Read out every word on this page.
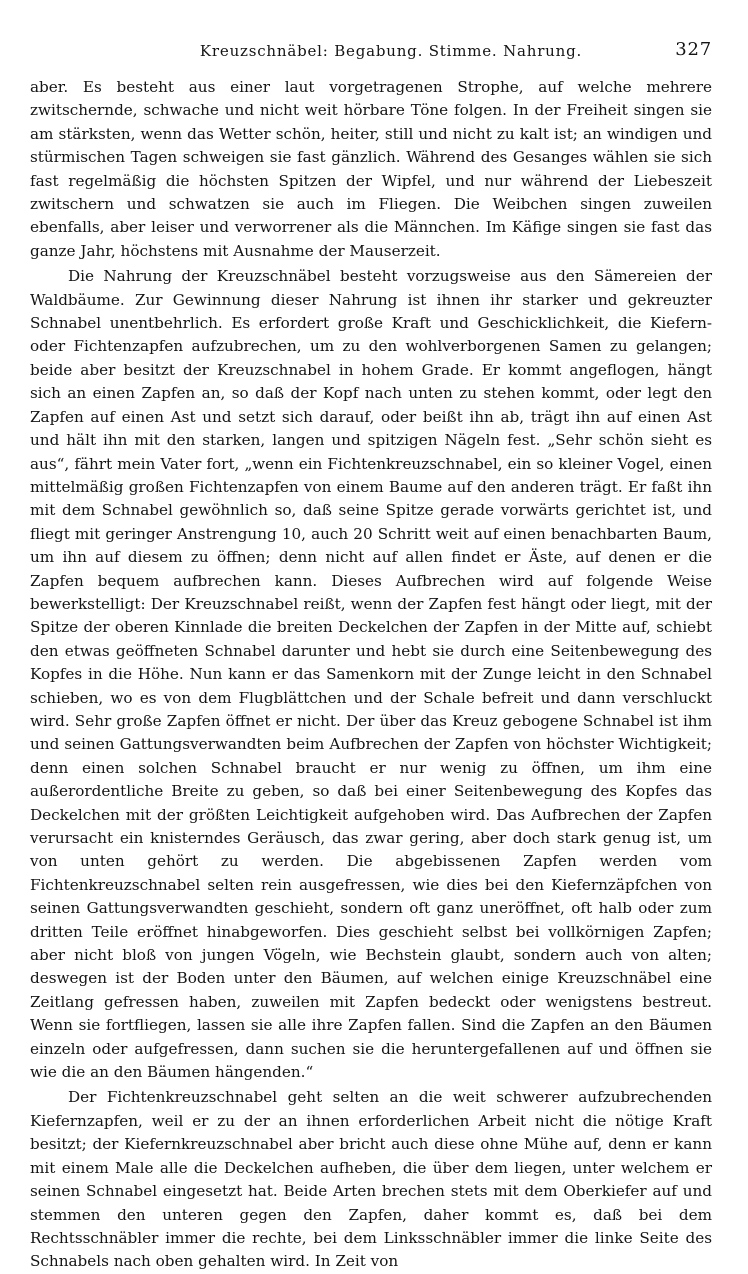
Kreuzschnäbel: Begabung. Stimme. Nahrung.	327

aber. Es besteht aus einer laut vorgetragenen Strophe, auf welche mehrere zwitschernde, schwache und nicht weit hörbare Töne folgen. In der Freiheit singen sie am stärksten, wenn das Wetter schön, heiter, still und nicht zu kalt ist; an windigen und stürmischen Tagen schweigen sie fast gänzlich. Während des Gesanges wählen sie sich fast regelmäßig die höchsten Spitzen der Wipfel, und nur während der Liebeszeit zwitschern und schwatzen sie auch im Fliegen. Die Weibchen singen zuweilen ebenfalls, aber leiser und verworrener als die Männchen. Im Käfige singen sie fast das ganze Jahr, höchstens mit Ausnahme der Mauserzeit.

Die Nahrung der Kreuzschnäbel besteht vorzugsweise aus den Sämereien der Waldbäume. Zur Gewinnung dieser Nahrung ist ihnen ihr starker und gekreuzter Schnabel unentbehrlich. Es erfordert große Kraft und Geschicklichkeit, die Kiefern- oder Fichtenzapfen aufzubrechen, um zu den wohlverborgenen Samen zu gelangen; beide aber besitzt der Kreuzschnabel in hohem Grade. Er kommt angeflogen, hängt sich an einen Zapfen an, so daß der Kopf nach unten zu stehen kommt, oder legt den Zapfen auf einen Ast und setzt sich darauf, oder beißt ihn ab, trägt ihn auf einen Ast und hält ihn mit den starken, langen und spitzigen Nägeln fest. „Sehr schön sieht es aus“, fährt mein Vater fort, „wenn ein Fichtenkreuzschnabel, ein so kleiner Vogel, einen mittelmäßig großen Fichtenzapfen von einem Baume auf den anderen trägt. Er faßt ihn mit dem Schnabel gewöhnlich so, daß seine Spitze gerade vorwärts gerichtet ist, und fliegt mit geringer Anstrengung 10, auch 20 Schritt weit auf einen benachbarten Baum, um ihn auf diesem zu öffnen; denn nicht auf allen findet er Äste, auf denen er die Zapfen bequem aufbrechen kann. Dieses Aufbrechen wird auf folgende Weise bewerkstelligt: Der Kreuzschnabel reißt, wenn der Zapfen fest hängt oder liegt, mit der Spitze der oberen Kinnlade die breiten Deckelchen der Zapfen in der Mitte auf, schiebt den etwas geöffneten Schnabel darunter und hebt sie durch eine Seitenbewegung des Kopfes in die Höhe. Nun kann er das Samenkorn mit der Zunge leicht in den Schnabel schieben, wo es von dem Flugblättchen und der Schale befreit und dann verschluckt wird. Sehr große Zapfen öffnet er nicht. Der über das Kreuz gebogene Schnabel ist ihm und seinen Gattungsverwandten beim Aufbrechen der Zapfen von höchster Wichtigkeit; denn einen solchen Schnabel braucht er nur wenig zu öffnen, um ihm eine außerordentliche Breite zu geben, so daß bei einer Seitenbewegung des Kopfes das Deckelchen mit der größten Leichtigkeit aufgehoben wird. Das Aufbrechen der Zapfen verursacht ein knisterndes Geräusch, das zwar gering, aber doch stark genug ist, um von unten gehört zu werden. Die abgebissenen Zapfen werden vom Fichtenkreuzschnabel selten rein ausgefressen, wie dies bei den Kiefernzäpfchen von seinen Gattungsverwandten geschieht, sondern oft ganz uneröffnet, oft halb oder zum dritten Teile eröffnet hinabgeworfen. Dies geschieht selbst bei vollkörnigen Zapfen; aber nicht bloß von jungen Vögeln, wie Bechstein glaubt, sondern auch von alten; deswegen ist der Boden unter den Bäumen, auf welchen einige Kreuzschnäbel eine Zeitlang gefressen haben, zuweilen mit Zapfen bedeckt oder wenigstens bestreut. Wenn sie fortfliegen, lassen sie alle ihre Zapfen fallen. Sind die Zapfen an den Bäumen einzeln oder aufgefressen, dann suchen sie die heruntergefallenen auf und öffnen sie wie die an den Bäumen hängenden.“

Der Fichtenkreuzschnabel geht selten an die weit schwerer aufzubrechenden Kiefernzapfen, weil er zu der an ihnen erforderlichen Arbeit nicht die nötige Kraft besitzt; der Kiefernkreuzschnabel aber bricht auch diese ohne Mühe auf, denn er kann mit einem Male alle die Deckelchen aufheben, die über dem liegen, unter welchem er seinen Schnabel eingesetzt hat. Beide Arten brechen stets mit dem Oberkiefer auf und stemmen den unteren gegen den Zapfen, daher kommt es, daß bei dem Rechtsschnäbler immer die rechte, bei dem Linksschnäbler immer die linke Seite des Schnabels nach oben gehalten wird. In Zeit von
